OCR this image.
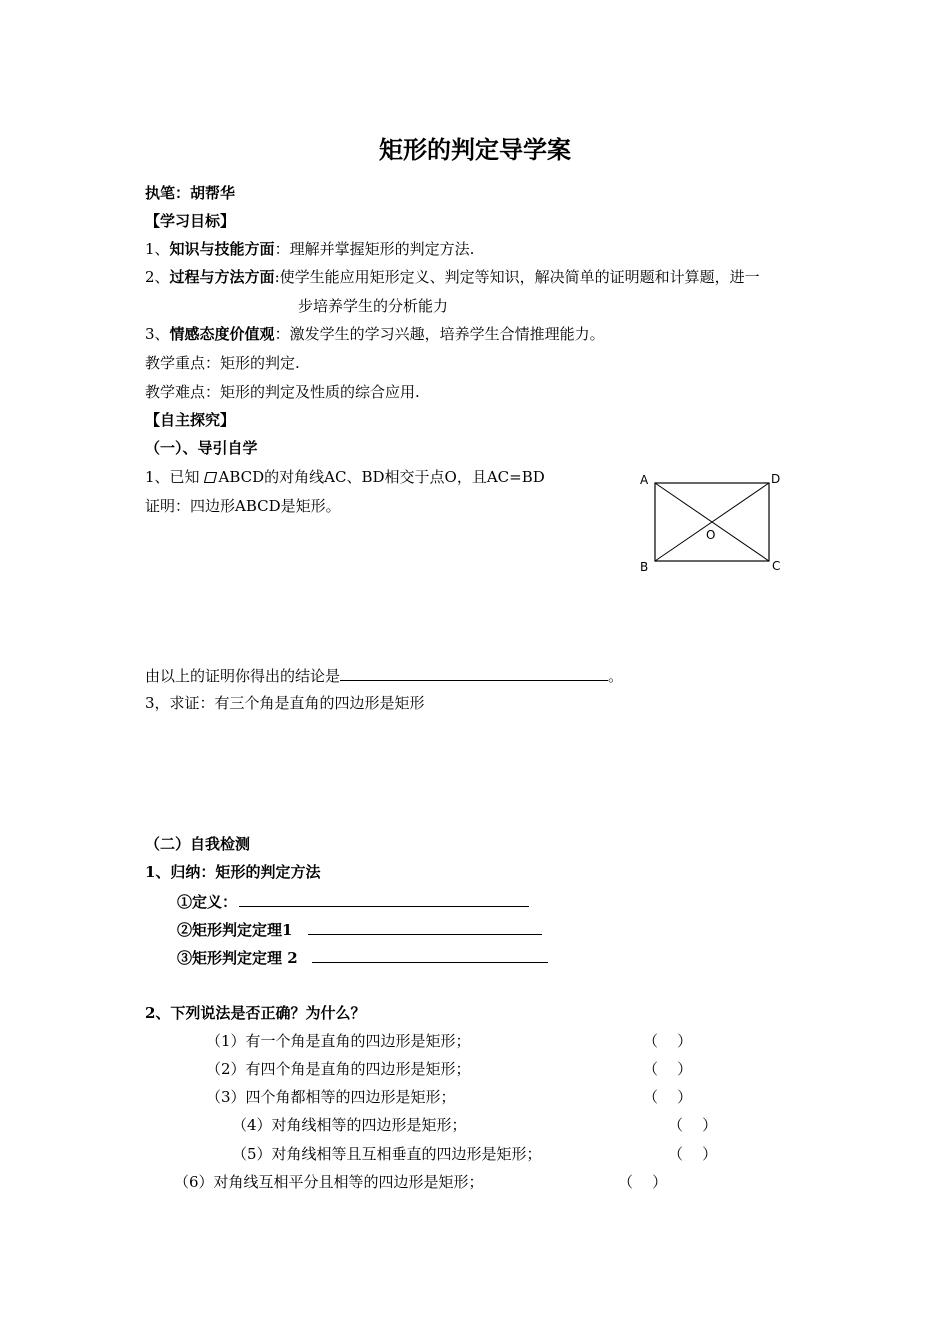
矩形的判定导学案
执笔：胡帮华
【学习目标】
1、知识与技能方面：理解并掌握矩形的判定方法.
2、过程与方法方面:使学生能应用矩形定义、判定等知识，解决简单的证明题和计算题，进一
步培养学生的分析能力
3、情感态度价值观：激发学生的学习兴趣，培养学生合情推理能力。
教学重点：矩形的判定.
教学难点：矩形的判定及性质的综合应用.
【自主探究】
（一）、导引自学
1、已知 ABCD的对角线AC、BD相交于点O，且AC=BD
证明：四边形ABCD是矩形。
A	D
B	C
O
由以上的证明你得出的结论是	。
3，求证：有三个角是直角的四边形是矩形
（二）自我检测
1、归纳：矩形的判定方法
①定义：
②矩形判定定理1
③矩形判定定理 2
2、下列说法是否正确？为什么？
（1）有一个角是直角的四边形是矩形；	（    ）
（2）有四个角是直角的四边形是矩形；	（    ）
（3）四个角都相等的四边形是矩形；	（    ）
（4）对角线相等的四边形是矩形；	（    ）
（5）对角线相等且互相垂直的四边形是矩形；	（    ）
（6）对角线互相平分且相等的四边形是矩形；	（    ）
